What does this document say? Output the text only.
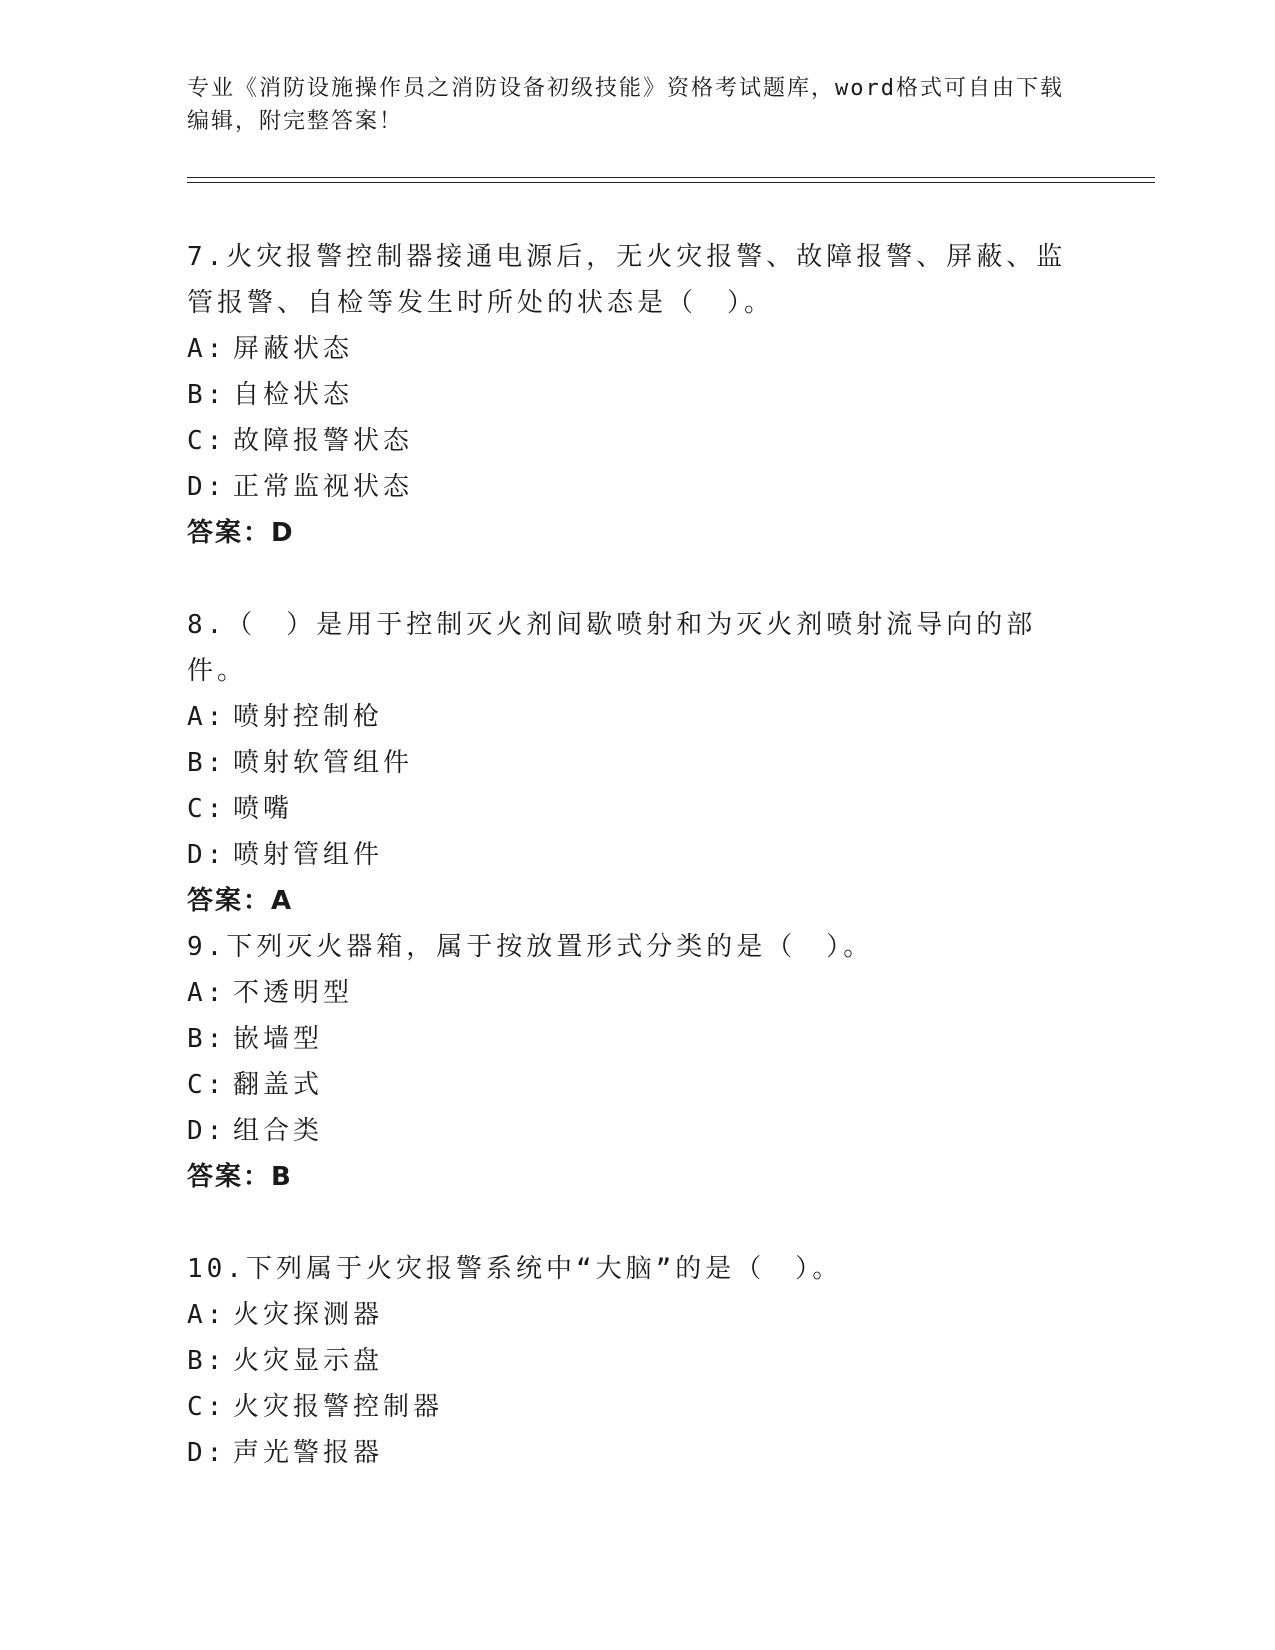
专业《消防设施操作员之消防设备初级技能》资格考试题库，word格式可自由下载编辑，附完整答案！

7.火灾报警控制器接通电源后，无火灾报警、故障报警、屏蔽、监管报警、自检等发生时所处的状态是（　）。

A: 屏蔽状态

B: 自检状态

C: 故障报警状态

D: 正常监视状态

答案：D

8.（　）是用于控制灭火剂间歇喷射和为灭火剂喷射流导向的部件。

A: 喷射控制枪

B: 喷射软管组件

C: 喷嘴

D: 喷射管组件

答案：A

9.下列灭火器箱，属于按放置形式分类的是（　）。

A: 不透明型

B: 嵌墙型

C: 翻盖式

D: 组合类

答案：B

10.下列属于火灾报警系统中“大脑”的是（　）。

A: 火灾探测器

B: 火灾显示盘

C: 火灾报警控制器

D: 声光警报器
